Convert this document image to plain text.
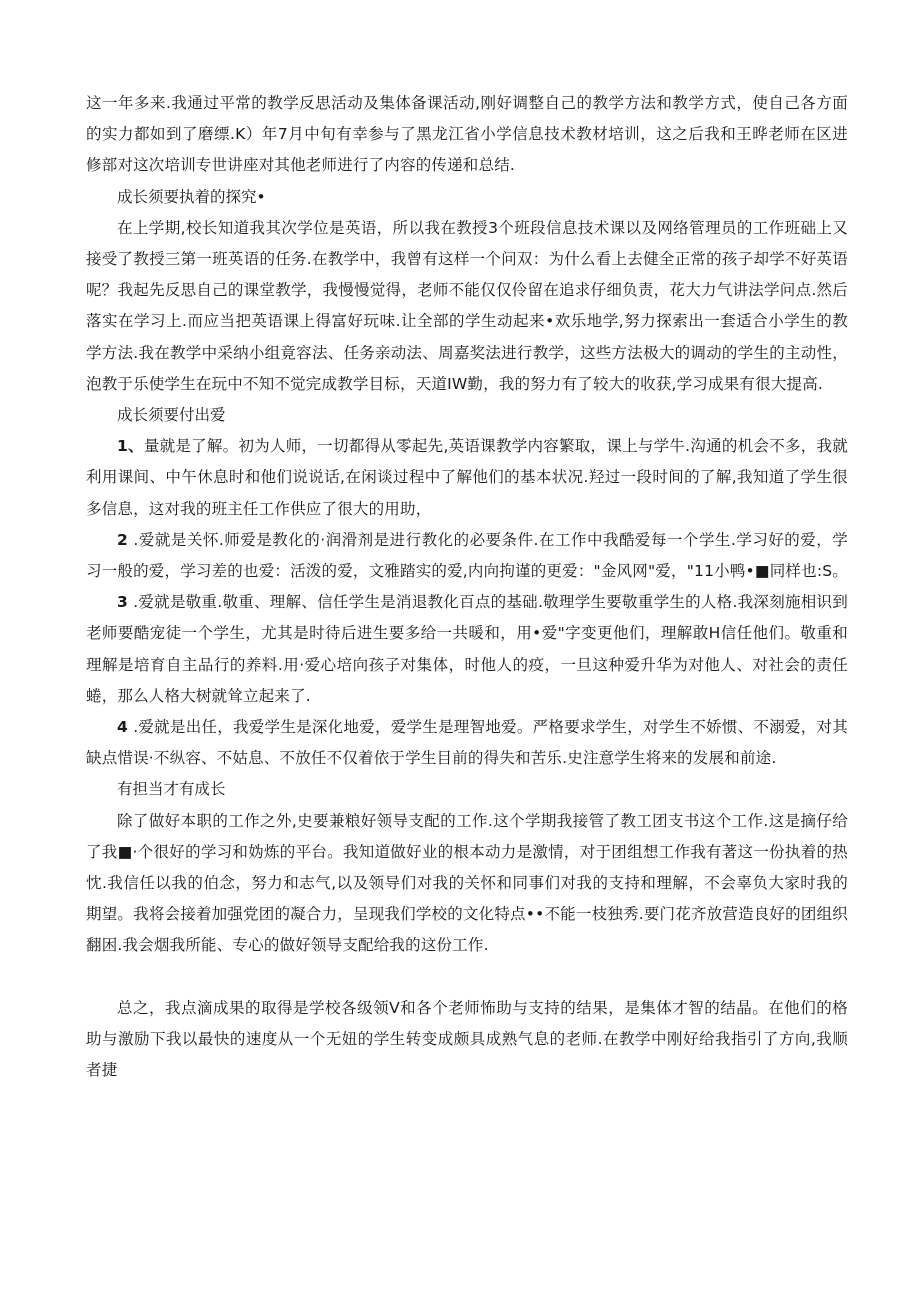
这一年多来.我通过平常的教学反思活动及集体备课活动,刚好调整自己的教学方法和教学方式，使自己各方面的实力都如到了磨缥.K）年7月中旬有幸参与了黑龙江省小学信息技术教材培训，这之后我和王晔老师在区进修部对这次培训专世讲座对其他老师进行了内容的传递和总结.

成长须要执着的探究•

在上学期,校长知道我其次学位是英语，所以我在教授3个班段信息技术课以及网络管理员的工作班础上又接受了教授三第一班英语的任务.在教学中，我曾有这样一个问双：为什么看上去健全正常的孩子却学不好英语呢？我起先反思自己的课堂教学，我慢慢觉得，老师不能仅仅伶留在追求仔细负责，花大力气讲法学问点.然后落实在学习上.而应当把英语课上得富好玩味.让全部的学生动起来•欢乐地学,努力探索出一套适合小学生的教学方法.我在教学中采纳小组竟容法、任务亲动法、周嘉奖法进行教学，这些方法极大的调动的学生的主动性，泡教于乐使学生在玩中不知不觉完成教学目标，天道IW勤，我的努力有了较大的收获,学习成果有很大提高.

成长须要付出爱

1、量就是了解。初为人师，一切都得从零起先,英语课教学内容繁取，课上与学牛.沟通的机会不多，我就利用课间、中午休息时和他们说说话,在闲谈过程中了解他们的基本状况.羟过一段时间的了解,我知道了学生很多信息，这对我的班主任工作供应了很大的用助，

2 .爱就是关怀.师爱是教化的·润滑剂是进行教化的必要条件.在工作中我酷爱每一个学生.学习好的爱，学习一般的爱，学习差的也爱：活泼的爱，文雅踏实的爱,内向拘谨的更爱："金风网"爱，"11小鸭•■同样也:S。

3 .爱就是敬重.敬重、理解、信任学生是消退教化百点的基础.敬理学生要敬重学生的人格.我深刻施相识到老师要酷宠徒一个学生，尤其是时待后进生要多给一共暖和，用•爱"字变更他们，理解敢H信任他们。敬重和理解是培育自主品行的养料.用·爱心培向孩子对集体，时他人的疫，一旦这种爱升华为对他人、对社会的责任蜷，那么人格大树就耸立起来了.

4 .爱就是出任，我爱学生是深化地爱，爱学生是理智地爱。严格要求学生，对学生不娇惯、不溺爱，对其缺点惜误·不纵容、不姑息、不放任不仅着依于学生目前的得失和苦乐.史注意学生将来的发展和前途.

有担当才有成长

除了做好本职的工作之外,史要兼粮好领导支配的工作.这个学期我接管了教工团支书这个工作.这是摘仔给了我■·个很好的学习和妫炼的平台。我知道做好业的根本动力是激情，对于团组想工作我有著这一份执着的热忱.我信任以我的伯念，努力和志气,以及领导们对我的关怀和同事们对我的支持和理解，不会辜负大家时我的期望。我将会接着加强党团的凝合力，呈现我们学校的文化特点••不能一枝独秀.要门花齐放营造良好的团组织翻困.我会烟我所能、专心的做好领导支配给我的这份工作.

总之，我点滴成果的取得是学校各级领V和各个老师怖助与支持的结果，是集体才智的结晶。在他们的格助与激励下我以最快的速度从一个无妞的学生转变成颇具成熟气息的老师.在教学中刚好给我指引了方向,我顺者捷
